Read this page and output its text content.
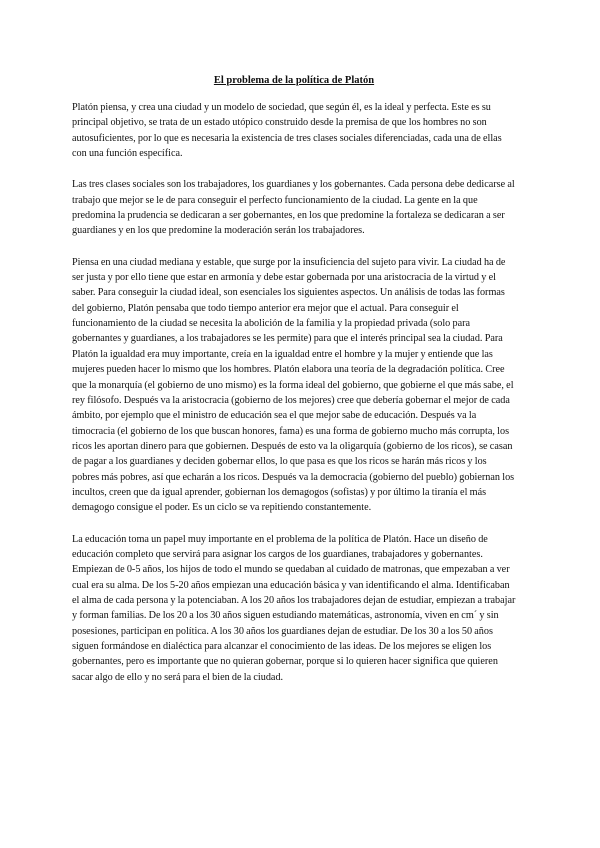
El problema de la política de Platón

Platón piensa, y crea una ciudad y un modelo de sociedad, que según él, es la ideal y perfecta. Este es su principal objetivo, se trata de un estado utópico construido desde la premisa de que los hombres no son autosuficientes, por lo que es necesaria la existencia de tres clases sociales diferenciadas, cada una de ellas con una función específica.

Las tres clases sociales son los trabajadores, los guardianes y los gobernantes. Cada persona debe dedicarse al trabajo que mejor se le de para conseguir el perfecto funcionamiento de la ciudad. La gente en la que predomina la prudencia se dedicaran a ser gobernantes, en los que predomine la fortaleza se dedicaran a ser guardianes y en los que predomine la moderación serán los trabajadores.

Piensa en una ciudad mediana y estable, que surge por la insuficiencia del sujeto para vivir. La ciudad ha de ser justa y por ello tiene que estar en armonía y debe estar gobernada por una aristocracia de la virtud y el saber. Para conseguir la ciudad ideal, son esenciales los siguientes aspectos. Un análisis de todas las formas del gobierno, Platón pensaba que todo tiempo anterior era mejor que el actual. Para conseguir el funcionamiento de la ciudad se necesita la abolición de la familia y la propiedad privada (solo para gobernantes y guardianes, a los trabajadores se les permite) para que el interés principal sea la ciudad. Para Platón la igualdad era muy importante, creía en la igualdad entre el hombre y la mujer y entiende que las mujeres pueden hacer lo mismo que los hombres. Platón elabora una teoría de la degradación política. Cree que la monarquía (el gobierno de uno mismo) es la forma ideal del gobierno, que gobierne el que más sabe, el rey filósofo. Después va la aristocracia (gobierno de los mejores) cree que debería gobernar el mejor de cada ámbito, por ejemplo que el ministro de educación sea el que mejor sabe de educación. Después va la timocracia (el gobierno de los que buscan honores, fama) es una forma de gobierno mucho más corrupta, los ricos les aportan dinero para que gobiernen. Después de esto va la oligarquía (gobierno de los ricos), se casan de pagar a los guardianes y deciden gobernar ellos, lo que pasa es que los ricos se harán más ricos y los pobres más pobres, así que echarán a los ricos. Después va la democracia (gobierno del pueblo) gobiernan los incultos, creen que da igual aprender, gobiernan los demagogos (sofistas) y por último la tiranía el más demagogo consigue el poder. Es un ciclo se va repitiendo constantemente.

La educación toma un papel muy importante en el problema de la política de Platón. Hace un diseño de educación completo que servirá para asignar los cargos de los guardianes, trabajadores y gobernantes. Empiezan de 0-5 años, los hijos de todo el mundo se quedaban al cuidado de matronas, que empezaban a ver cual era su alma. De los 5-20 años empiezan una educación básica y van identificando el alma. Identificaban el alma de cada persona y la potenciaban. A los 20 años los trabajadores dejan de estudiar, empiezan a trabajar y forman familias. De los 20 a los 30 años siguen estudiando matemáticas, astronomía, viven en cm´ y sin posesiones, participan en política. A los 30 años los guardianes dejan de estudiar. De los 30 a los 50 años siguen formándose en dialéctica para alcanzar el conocimiento de las ideas. De los mejores se eligen los gobernantes, pero es importante que no quieran gobernar, porque si lo quieren hacer significa que quieren sacar algo de ello y no será para el bien de la ciudad.
